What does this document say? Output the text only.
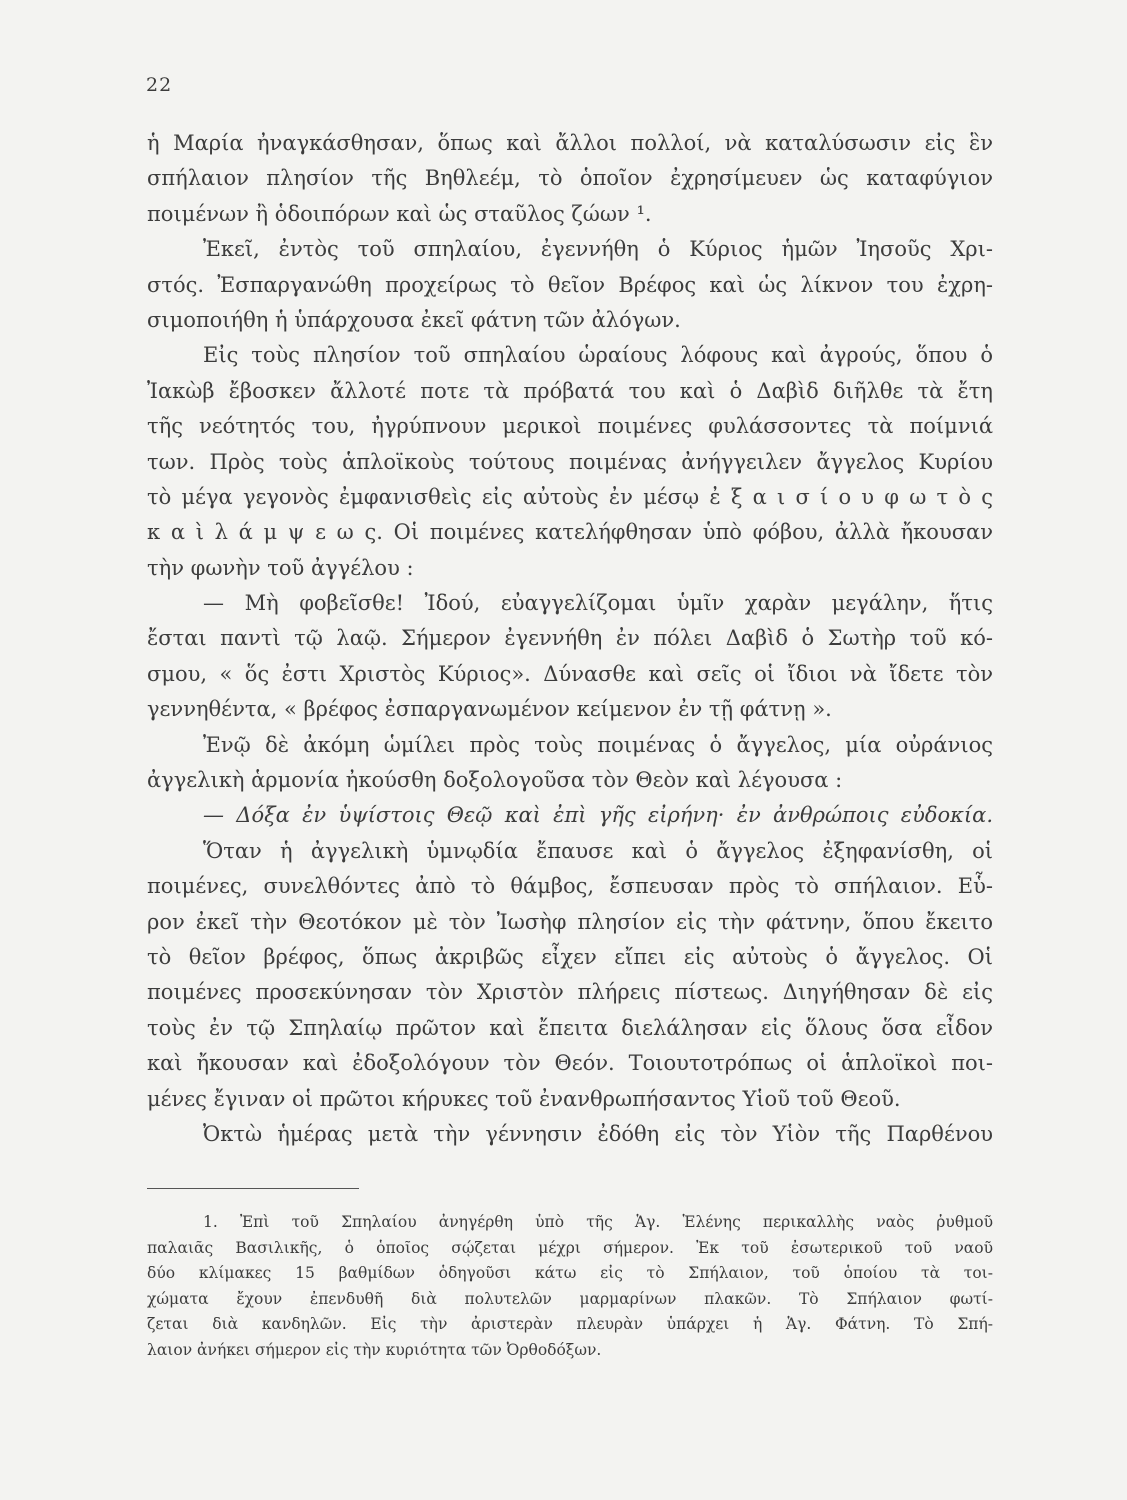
22
ἡ Μαρία ἠναγκάσθησαν, ὅπως καὶ ἄλλοι πολλοί, νὰ καταλύσωσιν εἰς ἓν
σπήλαιον πλησίον τῆς Βηθλεέμ, τὸ ὁποῖον ἐχρησίμευεν ὡς καταφύγιον
ποιμένων ἢ ὁδοιπόρων καὶ ὡς σταῦλος ζώων ¹.
Ἐκεῖ, ἐντὸς τοῦ σπηλαίου, ἐγεννήθη ὁ Κύριος ἡμῶν Ἰησοῦς Χρι-
στός. Ἐσπαργανώθη προχείρως τὸ θεῖον Βρέφος καὶ ὡς λίκνον του ἐχρη-
σιμοποιήθη ἡ ὑπάρχουσα ἐκεῖ φάτνη τῶν ἀλόγων.
Εἰς τοὺς πλησίον τοῦ σπηλαίου ὡραίους λόφους καὶ ἀγρούς, ὅπου ὁ
Ἰακὼβ ἔβοσκεν ἄλλοτέ ποτε τὰ πρόβατά του καὶ ὁ Δαβὶδ διῆλθε τὰ ἔτη
τῆς νεότητός του, ἠγρύπνουν μερικοὶ ποιμένες φυλάσσοντες τὰ ποίμνιά
των. Πρὸς τοὺς ἁπλοϊκοὺς τούτους ποιμένας ἀνήγγειλεν ἄγγελος Κυρίου
τὸ μέγα γεγονὸς ἐμφανισθεὶς εἰς αὐτοὺς ἐν μέσῳ ἐ ξ α ι σ ί ο υ φ ω τ ὸ ς
κ α ὶ λ ά μ ψ ε ω ς. Οἱ ποιμένες κατελήφθησαν ὑπὸ φόβου, ἀλλὰ ἤκουσαν
τὴν φωνὴν τοῦ ἀγγέλου :
— Μὴ φοβεῖσθε! Ἰδού, εὐαγγελίζομαι ὑμῖν χαρὰν μεγάλην, ἥτις
ἔσται παντὶ τῷ λαῷ. Σήμερον ἐγεννήθη ἐν πόλει Δαβὶδ ὁ Σωτὴρ τοῦ κό-
σμου, « ὅς ἐστι Χριστὸς Κύριος». Δύνασθε καὶ σεῖς οἱ ἴδιοι νὰ ἴδετε τὸν
γεννηθέντα, « βρέφος ἐσπαργανωμένον κείμενον ἐν τῇ φάτνῃ ».
Ἐνῷ δὲ ἀκόμη ὡμίλει πρὸς τοὺς ποιμένας ὁ ἄγγελος, μία οὐράνιος
ἀγγελικὴ ἁρμονία ἠκούσθη δοξολογοῦσα τὸν Θεὸν καὶ λέγουσα :
— Δόξα ἐν ὑψίστοις Θεῷ καὶ ἐπὶ γῆς εἰρήνη· ἐν ἀνθρώποις εὐδοκία.
Ὅταν ἡ ἀγγελικὴ ὑμνῳδία ἔπαυσε καὶ ὁ ἄγγελος ἐξηφανίσθη, οἱ
ποιμένες, συνελθόντες ἀπὸ τὸ θάμβος, ἔσπευσαν πρὸς τὸ σπήλαιον. Εὗ-
ρον ἐκεῖ τὴν Θεοτόκον μὲ τὸν Ἰωσὴφ πλησίον εἰς τὴν φάτνην, ὅπου ἔκειτο
τὸ θεῖον βρέφος, ὅπως ἀκριβῶς εἶχεν εἴπει εἰς αὐτοὺς ὁ ἄγγελος. Οἱ
ποιμένες προσεκύνησαν τὸν Χριστὸν πλήρεις πίστεως. Διηγήθησαν δὲ εἰς
τοὺς ἐν τῷ Σπηλαίῳ πρῶτον καὶ ἔπειτα διελάλησαν εἰς ὅλους ὅσα εἶδον
καὶ ἤκουσαν καὶ ἐδοξολόγουν τὸν Θεόν. Τοιουτοτρόπως οἱ ἁπλοϊκοὶ ποι-
μένες ἔγιναν οἱ πρῶτοι κήρυκες τοῦ ἐνανθρωπήσαντος Υἱοῦ τοῦ Θεοῦ.
Ὀκτὼ ἡμέρας μετὰ τὴν γέννησιν ἐδόθη εἰς τὸν Υἱὸν τῆς Παρθένου
1. Ἐπὶ τοῦ Σπηλαίου ἀνηγέρθη ὑπὸ τῆς Ἁγ. Ἑλένης περικαλλὴς ναὸς ῥυθμοῦ
παλαιᾶς Βασιλικῆς, ὁ ὁποῖος σῴζεται μέχρι σήμερον. Ἐκ τοῦ ἐσωτερικοῦ τοῦ ναοῦ
δύο κλίμακες 15 βαθμίδων ὁδηγοῦσι κάτω εἰς τὸ Σπήλαιον, τοῦ ὁποίου τὰ τοι-
χώματα ἔχουν ἐπενδυθῆ διὰ πολυτελῶν μαρμαρίνων πλακῶν. Τὸ Σπήλαιον φωτί-
ζεται διὰ κανδηλῶν. Εἰς τὴν ἀριστερὰν πλευρὰν ὑπάρχει ἡ Ἁγ. Φάτνη. Τὸ Σπή-
λαιον ἀνήκει σήμερον εἰς τὴν κυριότητα τῶν Ὀρθοδόξων.
